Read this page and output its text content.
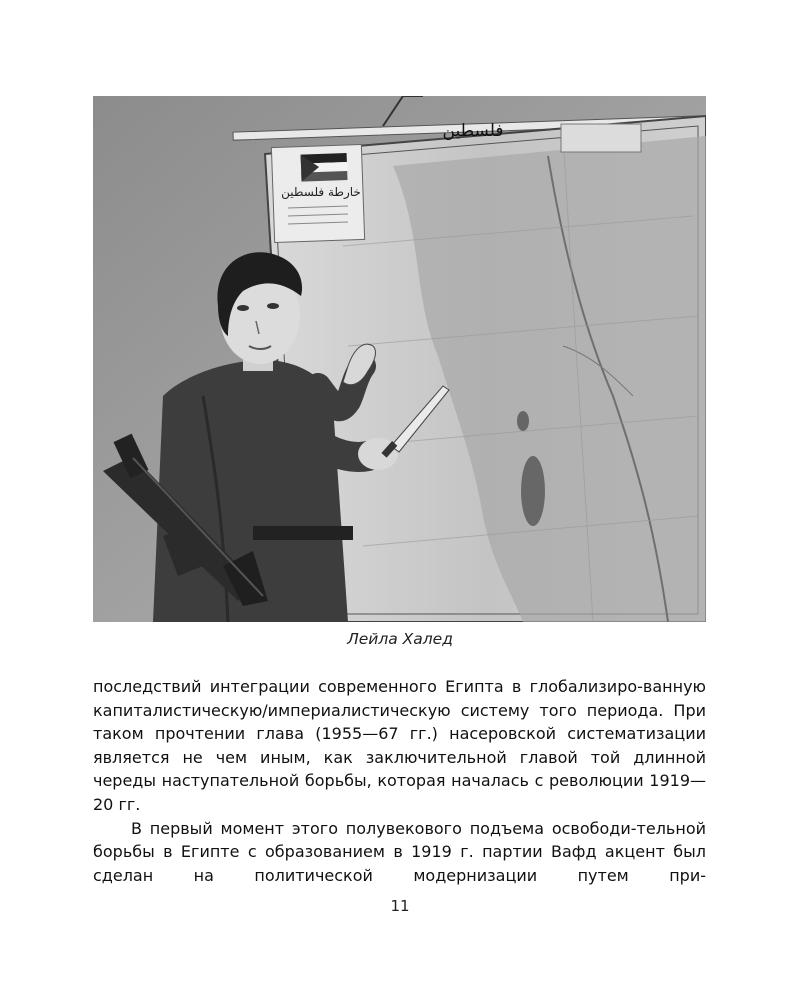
خارطة فلسطين
فلسطين
Лейла Халед

последствий интеграции современного Египта в глобализиро-ванную капиталистическую/империалистическую систему того периода. При таком прочтении глава (1955—67 гг.) насеровской систематизации является не чем иным, как заключительной главой той длинной череды наступательной борьбы, которая началась с революции 1919—20 гг.

В первый момент этого полувекового подъема освободи-тельной борьбы в Египте с образованием в 1919 г. партии Вафд акцент был сделан на политической модернизации путем при-

11
